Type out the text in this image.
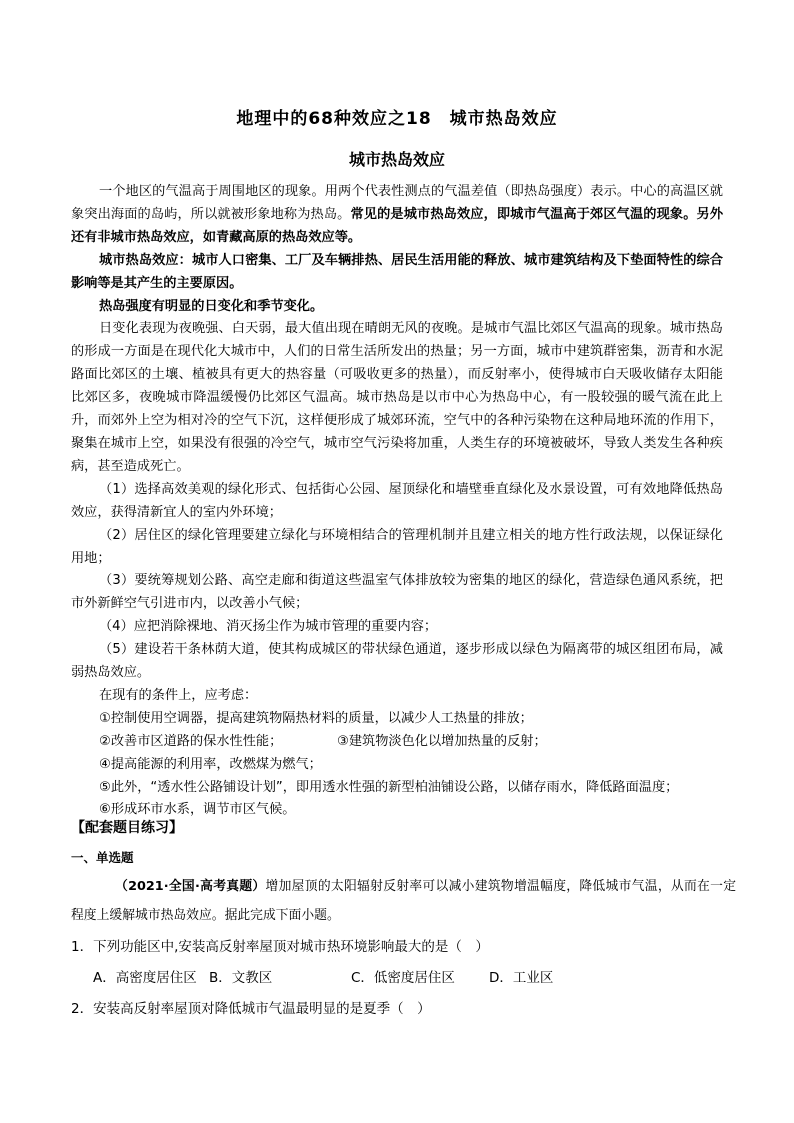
地理中的68种效应之18　城市热岛效应
城市热岛效应

一个地区的气温高于周围地区的现象。用两个代表性测点的气温差值（即热岛强度）表示。中心的高温区就象突出海面的岛屿，所以就被形象地称为热岛。常见的是城市热岛效应，即城市气温高于郊区气温的现象。另外还有非城市热岛效应，如青藏高原的热岛效应等。

城市热岛效应：城市人口密集、工厂及车辆排热、居民生活用能的释放、城市建筑结构及下垫面特性的综合影响等是其产生的主要原因。

热岛强度有明显的日变化和季节变化。

日变化表现为夜晚强、白天弱，最大值出现在晴朗无风的夜晚。是城市气温比郊区气温高的现象。城市热岛的形成一方面是在现代化大城市中，人们的日常生活所发出的热量；另一方面，城市中建筑群密集，沥青和水泥路面比郊区的土壤、植被具有更大的热容量（可吸收更多的热量），而反射率小，使得城市白天吸收储存太阳能比郊区多，夜晚城市降温缓慢仍比郊区气温高。城市热岛是以市中心为热岛中心，有一股较强的暖气流在此上升，而郊外上空为相对冷的空气下沉，这样便形成了城郊环流，空气中的各种污染物在这种局地环流的作用下，聚集在城市上空，如果没有很强的冷空气，城市空气污染将加重，人类生存的环境被破坏，导致人类发生各种疾病，甚至造成死亡。

（1）选择高效美观的绿化形式、包括街心公园、屋顶绿化和墙壁垂直绿化及水景设置，可有效地降低热岛效应，获得清新宜人的室内外环境；

（2）居住区的绿化管理要建立绿化与环境相结合的管理机制并且建立相关的地方性行政法规，以保证绿化用地；

（3）要统筹规划公路、高空走廊和街道这些温室气体排放较为密集的地区的绿化，营造绿色通风系统，把市外新鲜空气引进市内，以改善小气候；

（4）应把消除裸地、消灭扬尘作为城市管理的重要内容；

（5）建设若干条林荫大道，使其构成城区的带状绿色通道，逐步形成以绿色为隔离带的城区组团布局，减弱热岛效应。

在现有的条件上，应考虑：

①控制使用空调器，提高建筑物隔热材料的质量，以减少人工热量的排放；

②改善市区道路的保水性性能；	③建筑物淡色化以增加热量的反射；

④提高能源的利用率，改燃煤为燃气；

⑤此外，“透水性公路铺设计划”，即用透水性强的新型柏油铺设公路，以储存雨水，降低路面温度；

⑥形成环市水系，调节市区气候。

【配套题目练习】
一、单选题
（2021·全国·高考真题）增加屋顶的太阳辐射反射率可以减小建筑物增温幅度，降低城市气温，从而在一定程度上缓解城市热岛效应。据此完成下面小题。
1．下列功能区中,安装高反射率屋顶对城市热环境影响最大的是（　）
A．高密度居住区 B．文教区	C．低密度居住区	D．工业区
2．安装高反射率屋顶对降低城市气温最明显的是夏季（　）
